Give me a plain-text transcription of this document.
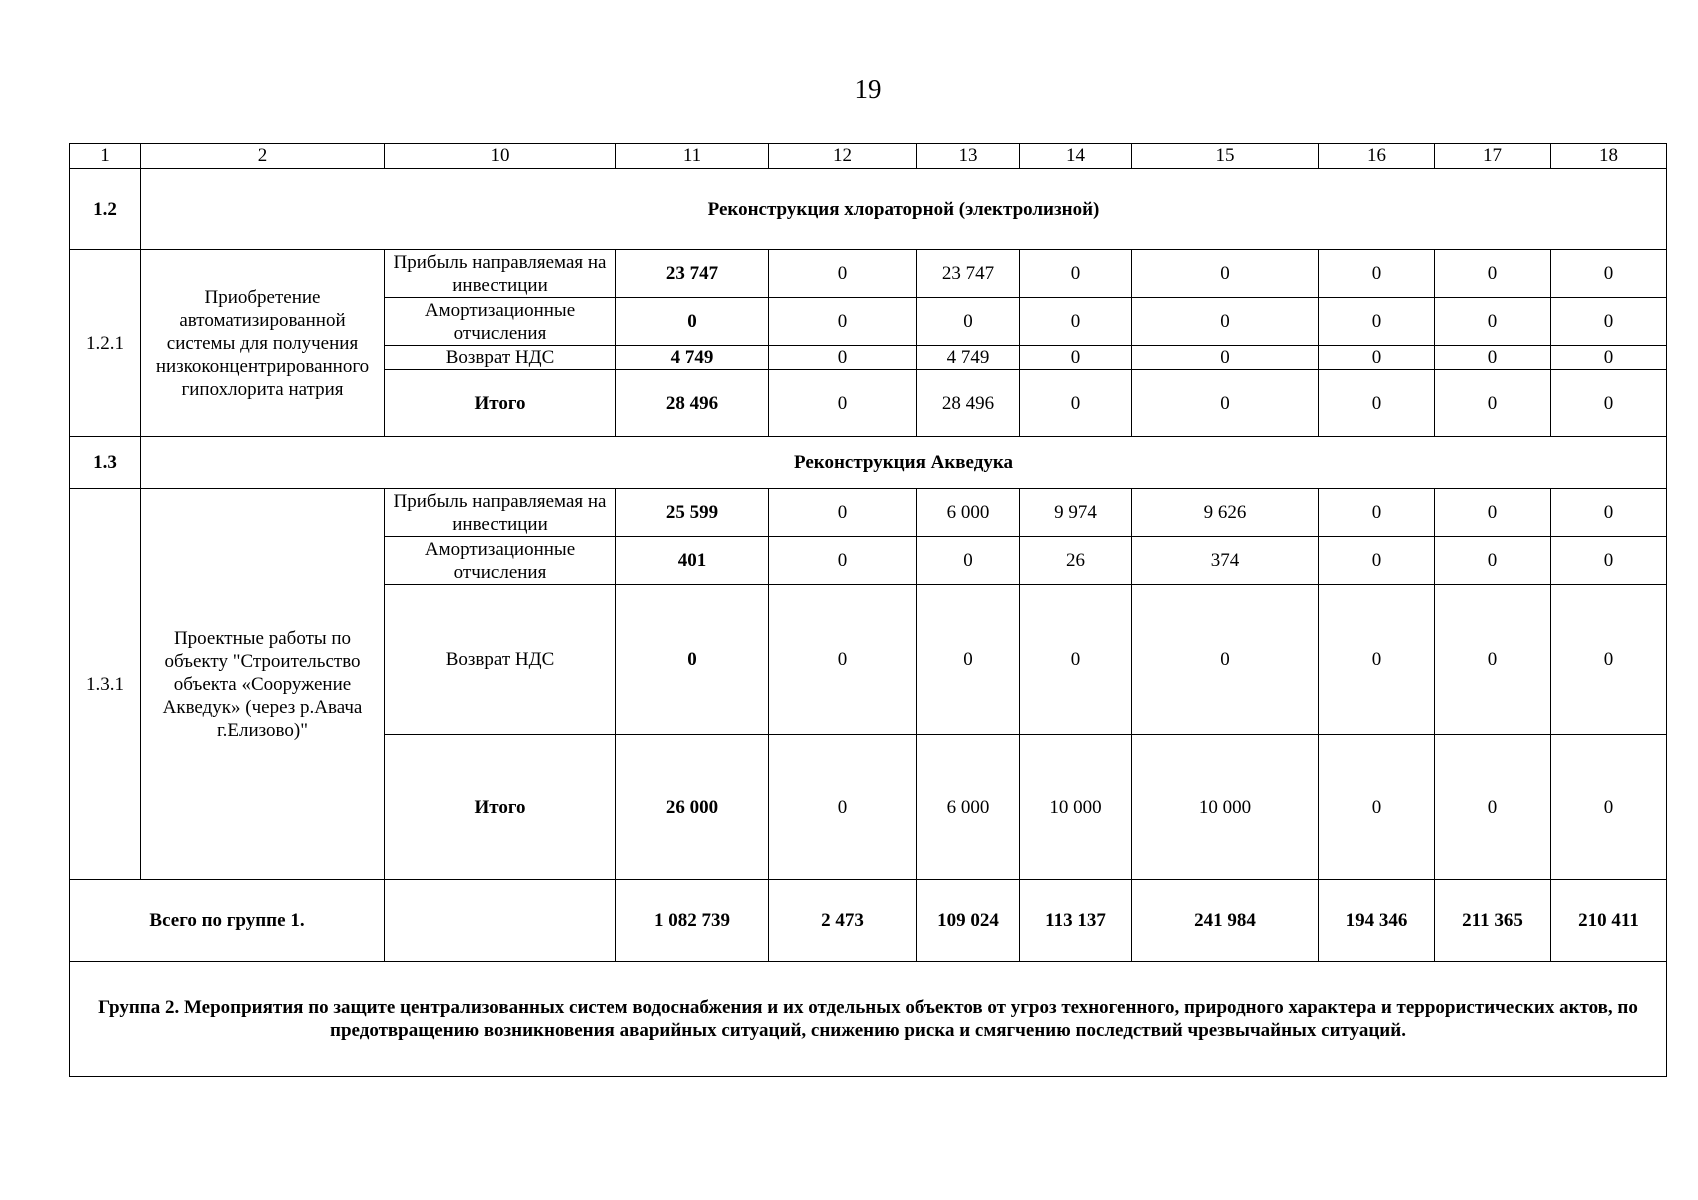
19
1	2	10	11	12	13	14	15	16	17	18
1.2	Реконструкция хлораторной (электролизной)									
1.2.1	Приобретение автоматизированной системы для получения низкоконцентрированного гипохлорита натрия	Прибыль направляемая на инвестиции	23 747	0	23 747	0	0	0	0	0
		Амортизационные отчисления	0	0	0	0	0	0	0	0
		Возврат НДС	4 749	0	4 749	0	0	0	0	0
		Итого	28 496	0	28 496	0	0	0	0	0
1.3	Реконструкция Акведука									
1.3.1	Проектные работы по объекту "Строительство объекта «Сооружение Акведук» (через р.Авача г.Елизово)"	Прибыль направляемая на инвестиции	25 599	0	6 000	9 974	9 626	0	0	0
		Амортизационные отчисления	401	0	0	26	374	0	0	0
		Возврат НДС	0	0	0	0	0	0	0	0
		Итого	26 000	0	6 000	10 000	10 000	0	0	0
Всего по группе 1.			1 082 739	2 473	109 024	113 137	241 984	194 346	211 365	210 411
Группа 2. Мероприятия по защите централизованных систем водоснабжения и их отдельных объектов от угроз техногенного, природного характера и террористических актов, по предотвращению возникновения аварийных ситуаций, снижению риска и смягчению последствий чрезвычайных ситуаций.										
